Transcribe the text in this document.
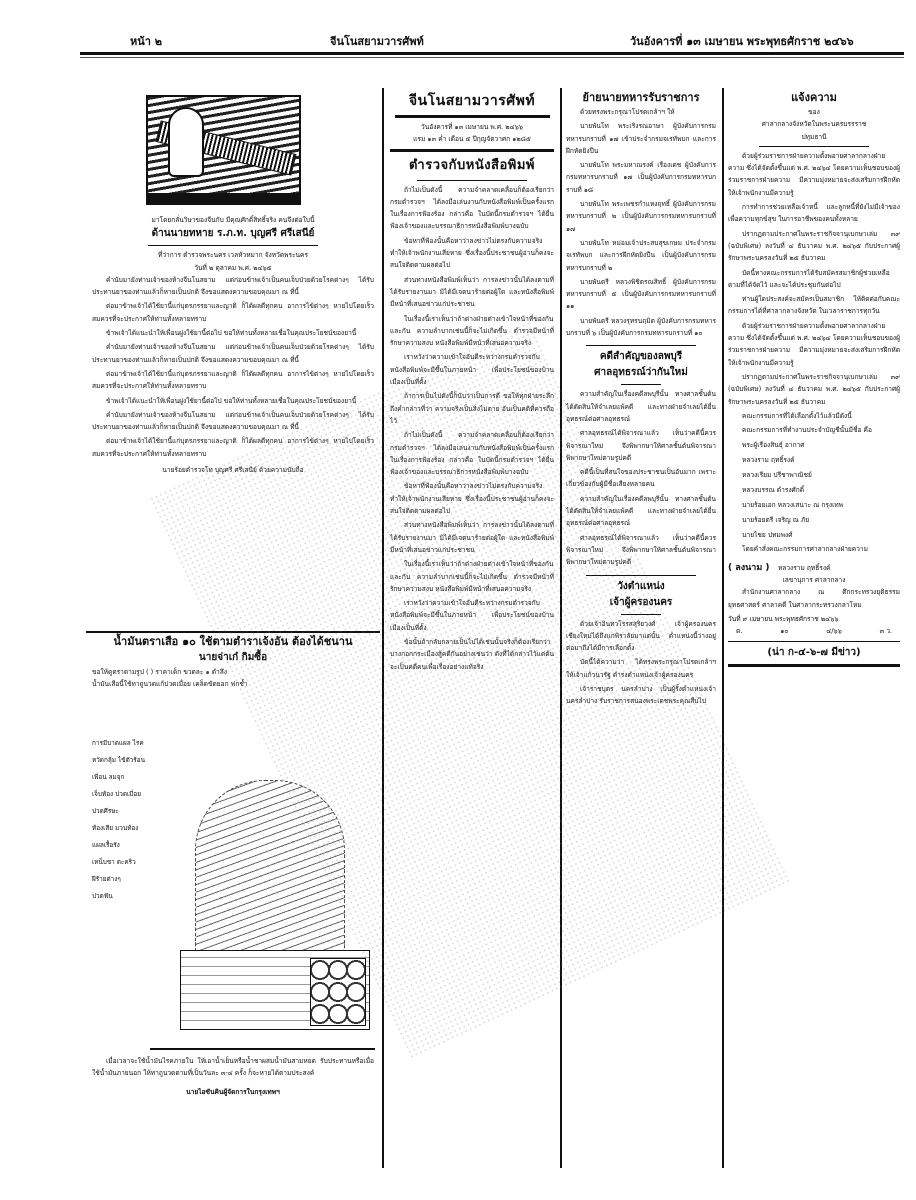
หน้า ๒	จีนโนสยามวารศัพท์	วันอังคารที่ ๑๓ เมษายน พระพุทธศักราช ๒๔๖๖
มาโดยกลั่นวิษาของจีนกับ มีคุณศักดิ์สิทธิ์จริง คนจึงต่อใบนี้
ด้านนายทหาย ร.ภ.ท. บุญศรี ศรีเสนีย์
ที่ว่าการ ตำรวจพระนคร เวลหัวหมาก จังหวัดพระนคร
วันที่ ๒ ตุลาคม พ.ศ. ๒๔๖๕

คำนับมายังท่านเจ้าของห้างจีนโนสยาม แต่ก่อนข้าพเจ้าเป็นคนเจ็บป่วยด้วยโรคต่างๆ ได้รับประทานยาของท่านแล้วก็หายเป็นปกติ จึงขอแสดงความขอบคุณมา ณ ที่นี้

ต่อมาข้าพเจ้าได้ใช้ยานี้แก่บุตรภรรยาและญาติ ก็ได้ผลดีทุกคน อาการไข้ต่างๆ หายไปโดยเร็ว สมควรที่จะประกาศให้ท่านทั้งหลายทราบ

ข้าพเจ้าได้แนะนำให้เพื่อนฝูงใช้ยานี้ต่อไป ขอให้ท่านทั้งหลายเชื่อในคุณประโยชน์ของยานี้

คำนับมายังท่านเจ้าของห้างจีนโนสยาม แต่ก่อนข้าพเจ้าเป็นคนเจ็บป่วยด้วยโรคต่างๆ ได้รับประทานยาของท่านแล้วก็หายเป็นปกติ จึงขอแสดงความขอบคุณมา ณ ที่นี้

ต่อมาข้าพเจ้าได้ใช้ยานี้แก่บุตรภรรยาและญาติ ก็ได้ผลดีทุกคน อาการไข้ต่างๆ หายไปโดยเร็ว สมควรที่จะประกาศให้ท่านทั้งหลายทราบ

ข้าพเจ้าได้แนะนำให้เพื่อนฝูงใช้ยานี้ต่อไป ขอให้ท่านทั้งหลายเชื่อในคุณประโยชน์ของยานี้

คำนับมายังท่านเจ้าของห้างจีนโนสยาม แต่ก่อนข้าพเจ้าเป็นคนเจ็บป่วยด้วยโรคต่างๆ ได้รับประทานยาของท่านแล้วก็หายเป็นปกติ จึงขอแสดงความขอบคุณมา ณ ที่นี้

ต่อมาข้าพเจ้าได้ใช้ยานี้แก่บุตรภรรยาและญาติ ก็ได้ผลดีทุกคน อาการไข้ต่างๆ หายไปโดยเร็ว สมควรที่จะประกาศให้ท่านทั้งหลายทราบ

นายร้อยตำรวจโท บุญศรี ศรีเสนีย์ ด้วยความนับถือ
น้ำมันตราเสือ ๑๐ ใช้ตามตำราเจ้งอัน ต้องได้ชนาน
นายจ่าเก๋ กิมซื้อ
ขอให้ดูตราตามรูป ( ) ราคาเด็ก ขวดละ ๑ ตำลึง
น้ำมันเสือนี้ใช้ทาถูนวดแก้ปวดเมื่อย เคล็ดขัดยอก ฟกช้ำ
การมีบาดแผล ไรค
หวัดกลุ้ม ไข้ตัวร้อน
เพื่อน ลมจุก
เจ็บท้อง ปวดเมื่อย
ปวดศีรษะ
ท้องเสีย มวนท้อง
แผลเรื้อรัง
เหน็บชา ตะคริว
ฝีร้ายต่างๆ
ปวดฟัน

เมื่อเวลาจะใช้น้ำมันไรคภายใน ให้เอาน้ำเย็นหรือน้ำชาผสมน้ำมันสามหยด รับประทานหรือเมื่อใช้น้ำมันภายนอก ให้ทาถูนวดตามที่เป็นวันละ ๓-๔ ครั้ง ก็จะหายได้ตามประสงค์

นายไอซันคินผู้จัดการในกรุงเทพฯ
จีนโนสยามวารศัพท์
วันอังคารที่ ๑๓ เมษายน พ.ศ. ๒๔๖๖
แรม ๑๓ ค่ำ เดือน ๕ ปีกุญจัตวาศก ๑๒๘๕
ตำรวจกับหนังสือพิมพ์

ถ้าไม่เป็นดังนี้ ความจำคลาดเคลื่อนก็ต้องเรียกว่า กรมตำรวจฯ ได้ลงมือเล่นงานกับหนังสือพิมพ์เป็นครั้งแรกในเรื่องการฟ้องร้อง กล่าวคือ ในบัดนี้กรมตำรวจฯ ได้ยื่นฟ้องเจ้าของและบรรณาธิการหนังสือพิมพ์บางฉบับ

ข้อหาที่ฟ้องนั้นคือหาว่าลงข่าวไม่ตรงกับความจริง ทำให้เจ้าพนักงานเสียหาย ซึ่งเรื่องนี้ประชาชนผู้อ่านก็คงจะสนใจติดตามผลต่อไป

ส่วนทางหนังสือพิมพ์เห็นว่า การลงข่าวนั้นได้ลงตามที่ได้รับรายงานมา มิได้มีเจตนาร้ายต่อผู้ใด และหนังสือพิมพ์มีหน้าที่เสนอข่าวแก่ประชาชน

ในเรื่องนี้เราเห็นว่าถ้าต่างฝ่ายต่างเข้าใจหน้าที่ของกันและกัน ความลำบากเช่นนี้ก็จะไม่เกิดขึ้น ตำรวจมีหน้าที่รักษาความสงบ หนังสือพิมพ์มีหน้าที่เสนอความจริง

เราหวังว่าความเข้าใจอันดีระหว่างกรมตำรวจกับหนังสือพิมพ์จะมีขึ้นในภายหน้า เพื่อประโยชน์ของบ้านเมืองเป็นที่ตั้ง

ถ้าการเป็นไปดังนี้ก็นับว่าเป็นการดี ขอให้ทุกฝ่ายระลึกถึงคำกล่าวที่ว่า ความจริงเป็นสิ่งไม่ตาย อันเป็นคติที่ควรถือไว้

ถ้าไม่เป็นดังนี้ ความจำคลาดเคลื่อนก็ต้องเรียกว่า กรมตำรวจฯ ได้ลงมือเล่นงานกับหนังสือพิมพ์เป็นครั้งแรกในเรื่องการฟ้องร้อง กล่าวคือ ในบัดนี้กรมตำรวจฯ ได้ยื่นฟ้องเจ้าของและบรรณาธิการหนังสือพิมพ์บางฉบับ

ข้อหาที่ฟ้องนั้นคือหาว่าลงข่าวไม่ตรงกับความจริง ทำให้เจ้าพนักงานเสียหาย ซึ่งเรื่องนี้ประชาชนผู้อ่านก็คงจะสนใจติดตามผลต่อไป

ส่วนทางหนังสือพิมพ์เห็นว่า การลงข่าวนั้นได้ลงตามที่ได้รับรายงานมา มิได้มีเจตนาร้ายต่อผู้ใด และหนังสือพิมพ์มีหน้าที่เสนอข่าวแก่ประชาชน

ในเรื่องนี้เราเห็นว่าถ้าต่างฝ่ายต่างเข้าใจหน้าที่ของกันและกัน ความลำบากเช่นนี้ก็จะไม่เกิดขึ้น ตำรวจมีหน้าที่รักษาความสงบ หนังสือพิมพ์มีหน้าที่เสนอความจริง

เราหวังว่าความเข้าใจอันดีระหว่างกรมตำรวจกับหนังสือพิมพ์จะมีขึ้นในภายหน้า เพื่อประโยชน์ของบ้านเมืองเป็นที่ตั้ง

ข้อนั้นถ้ากลับกลายเป็นไปได้เช่นนั้นจริงก็ต้องเรียกว่า บางกอกกระเมืองสู้คดีกันอย่างเช่นว่า ดังที่ได้กล่าวไว้แต่ต้น จะเป็นคดีคนเพื่อเรื่องอย่างแท้จริง

ย้ายนายทหารรับราชการ

ด้วยทรงพระกรุณาโปรดเกล้าฯ ให้

นายพันโท พระเริงรณอาษา ผู้บังคับการกรมทหารบกราบที่ ๑๗ เข้าประจำกรมจเรทัพบก และการฝึกหัดยิงปืน

นายพันโท พระมหาณรงค์ เรืองเดช ผู้บังคับการกรมทหารบกราบที่ ๑๗ เป็นผู้บังคับการกรมทหารบกราบที่ ๑๘

นายพันโท พระเพชรกำแหงฤทธิ์ ผู้บังคับการกรมทหารบกราบที่ ๒ เป็นผู้บังคับการกรมทหารบกราบที่ ๑๗

นายพันโท หม่อมเจ้าประสบสุขเกษม ประจำกรมจเรทัพบก และการฝึกหัดยิงปืน เป็นผู้บังคับการกรมทหารบกราบที่ ๒

นายพันตรี หลวงพิชิตรณสิทธิ์ ผู้บังคับการกรมทหารบกราบที่ ๕ เป็นผู้บังคับการกรมทหารบกราบที่ ๑๑

นายพันตรี หลวงรุทรนฤมิต ผู้บังคับการกรมทหารบกราบที่ ๖ เป็นผู้บังคับการกรมทหารบกราบที่ ๑๐

คดีสำคัญของลพบุรี
ศาลอุทธรณ์ว่ากันใหม่

ความสำคัญในเรื่องคดีลพบุรีนั้น ทางศาลชั้นต้นได้ตัดสินให้จำเลยแพ้คดี และทางฝ่ายจำเลยได้ยื่นอุทธรณ์ต่อศาลอุทธรณ์

ศาลอุทธรณ์ได้พิจารณาแล้ว เห็นว่าคดีนี้ควรพิจารณาใหม่ จึงพิพากษาให้ศาลชั้นต้นพิจารณาพิพากษาใหม่ตามรูปคดี

คดีนี้เป็นที่สนใจของประชาชนเป็นอันมาก เพราะเกี่ยวข้องกับผู้มีชื่อเสียงหลายคน

ความสำคัญในเรื่องคดีลพบุรีนั้น ทางศาลชั้นต้นได้ตัดสินให้จำเลยแพ้คดี และทางฝ่ายจำเลยได้ยื่นอุทธรณ์ต่อศาลอุทธรณ์

ศาลอุทธรณ์ได้พิจารณาแล้ว เห็นว่าคดีนี้ควรพิจารณาใหม่ จึงพิพากษาให้ศาลชั้นต้นพิจารณาพิพากษาใหม่ตามรูปคดี

วังตำแหน่ง
เจ้าผู้ครองนคร

ด้วยเจ้าอินทวโรรสสุริยวงศ์ เจ้าผู้ครองนครเชียงใหม่ได้ถึงแก่พิราลัยมาแต่นั้น ตำแหน่งนี้ว่างอยู่ ต่อมาถึงได้มีการเลือกตั้ง

บัดนี้ได้ความว่า ได้ทรงพระกรุณาโปรดเกล้าฯ ให้เจ้าแก้วนวรัฐ ดำรงตำแหน่งเจ้าผู้ครองนคร

เจ้าราชบุตร นครลำปาง เป็นผู้รั้งตำแหน่งเจ้านครลำปาง รับราชการสนองพระเดชพระคุณสืบไป

แจ้งความ
ของ
ศาลากลางจังหวัดในพระนครบรรราช
ปทุมธานี

ด้วยผู้ร่วมราชการฝ่ายความตั้งพอายศาลากลางฝ่ายความ ซึ่งได้จัดตั้งขึ้นแต่ พ.ศ. ๒๔๖๔ โดยความเห็นชอบของผู้ร่วมราชการฝ่ายความ มีความมุ่งหมายจะส่งเสริมการฝึกหัดให้เจ้าพนักงานมีความรู้

การทำการช่วยเหลือเจ้าหนี้ และลูกหนี้ที่ยังไม่มีเจ้าของ เพื่อความทุกข์สุข ในการอาชีพของคนทั้งหลาย

ปรากฏตามประกาศในพระราชกิจจานุเบกษาเล่ม ๓๙ (ฉบับพิเศษ) ลงวันที่ ๔ ธันวาคม พ.ศ. ๒๔๖๕ กับประกาศผู้รักษาพระนครลงวันที่ ๒๕ ธันวาคม

บัดนี้ทางคณะกรรมการได้รับสมัครสมาชิกผู้ช่วยเหลือตามที่ได้จัดไว้ และจะได้ประชุมกันต่อไป

ท่านผู้ใดประสงค์จะสมัครเป็นสมาชิก ให้ติดต่อกับคณะกรรมการได้ที่ศาลากลางจังหวัด ในเวลาราชการทุกวัน

ด้วยผู้ร่วมราชการฝ่ายความตั้งพอายศาลากลางฝ่ายความ ซึ่งได้จัดตั้งขึ้นแต่ พ.ศ. ๒๔๖๔ โดยความเห็นชอบของผู้ร่วมราชการฝ่ายความ มีความมุ่งหมายจะส่งเสริมการฝึกหัดให้เจ้าพนักงานมีความรู้

ปรากฏตามประกาศในพระราชกิจจานุเบกษาเล่ม ๓๙ (ฉบับพิเศษ) ลงวันที่ ๔ ธันวาคม พ.ศ. ๒๔๖๕ กับประกาศผู้รักษาพระนครลงวันที่ ๒๕ ธันวาคม

คณะกรรมการที่ได้เลือกตั้งไว้แล้วมีดังนี้

คณะกรรมการที่ทำงานประจำบัญชีนั้นมีชื่อ คือ

พระผู้เรืองสินธุ์ อากาศ
หลวงราม ฤทธิ์รงค์
หลวงเรียม ปรีชาพาณิชย์
หลวงบรรณ ดำรงศักดิ์
นายร้อยเอก หลวงเสนาะ ณ กรุงเทพ
นายร้อยตรี เจริญ ณ ภัย
นายไชย ปทมพงศ์

โดยคำสั่งคณะกรรมการศาลากลางฝ่ายความ

( ลงนาม ) หลวงราม ฤทธิ์รงค์
เลขานุการ ศาลากลาง

สำนักงานศาลากลาง ณ ตึกกระทรวงยุติธรรม ยุทธศาสตร์ ศาลาคดี ในศาลากระทรวงกลาโหม

วันที่ ๙ เมษายน พระพุทธศักราช ๒๔๖๖
ต.	๑๐	๔/๖๖	๓ ว.
(น่า ก-๔-๖-๗ มีข่าว)
